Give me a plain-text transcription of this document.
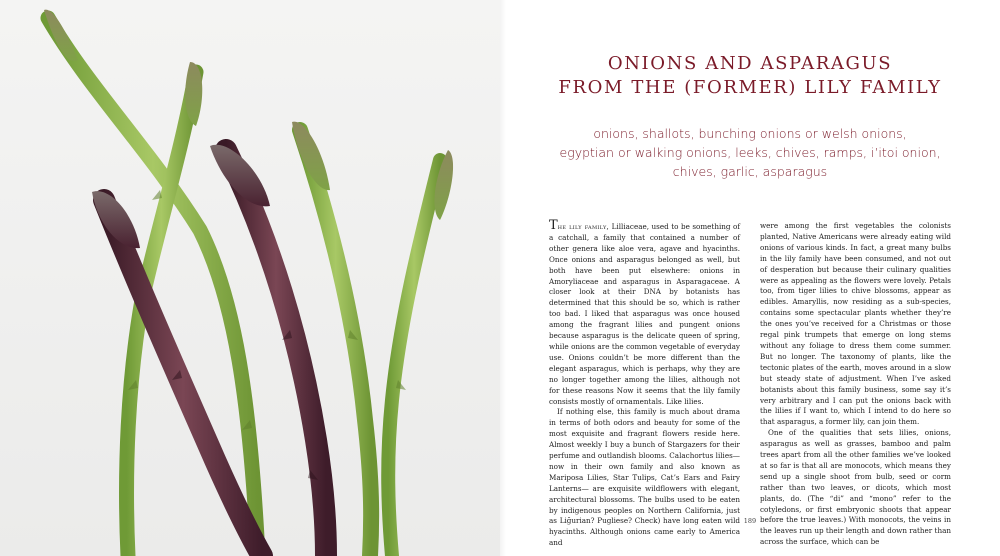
ONIONS AND ASPARAGUS
FROM THE (FORMER) LILY FAMILY
onions, shallots, bunching onions or welsh onions,
egyptian or walking onions, leeks, chives, ramps, i’itoi onion,
chives, garlic, asparagus

The lily family, Lilliaceae, used to be something of a catchall, a family that contained a number of other genera like aloe vera, agave and hyacinths. Once onions and asparagus belonged as well, but both have been put elsewhere: onions in Amoryliaceae and asparagus in Asparagaceae. A closer look at their DNA by botanists has determined that this should be so, which is rather too bad. I liked that asparagus was once housed among the fragrant lilies and pungent onions because asparagus is the delicate queen of spring, while onions are the common vegetable of everyday use. Onions couldn’t be more different than the elegant asparagus, which is perhaps, why they are no longer together among the lilies, although not for these reasons Now it seems that the lily family consists mostly of ornamentals. Like lilies.

If nothing else, this family is much about drama in terms of both odors and beauty for some of the most exquisite and fragrant flowers reside here. Almost weekly I buy a bunch of Stargazers for their perfume and outlandish blooms. Calachortus lilies—now in their own family and also known as Mariposa Lilies, Star Tulips, Cat’s Ears and Fairy Lanterns— are exquisite wildflowers with elegant, architectural blossoms. The bulbs used to be eaten by indigenous peoples on Northern California, just as Liğurian? Pugliese? Check) have long eaten wild hyacinths. Although onions came early to America and

were among the first vegetables the colonists planted, Native Americans were already eating wild onions of various kinds. In fact, a great many bulbs in the lily family have been consumed, and not out of desperation but because their culinary qualities were as appealing as the flowers were lovely. Petals too, from tiger lilies to chive blossoms, appear as edibles. Amaryllis, now residing as a sub-species, contains some spectacular plants whether they’re the ones you’ve received for a Christmas or those regal pink trumpets that emerge on long stems without any foliage to dress them come summer. But no longer. The taxonomy of plants, like the tectonic plates of the earth, moves around in a slow but steady state of adjustment. When I’ve asked botanists about this family business, some say it’s very arbitrary and I can put the onions back with the lilies if I want to, which I intend to do here so that asparagus, a former lily, can join them.

One of the qualities that sets lilies, onions, asparagus as well as grasses, bamboo and palm trees apart from all the other families we’ve looked at so far is that all are monocots, which means they send up a single shoot from bulb, seed or corm rather than two leaves, or dicots, which most plants, do. (The “di” and “mono” refer to the cotyledons, or first embryonic shoots that appear before the true leaves.) With monocots, the veins in the leaves run up their length and down rather than across the surface, which can be

189
